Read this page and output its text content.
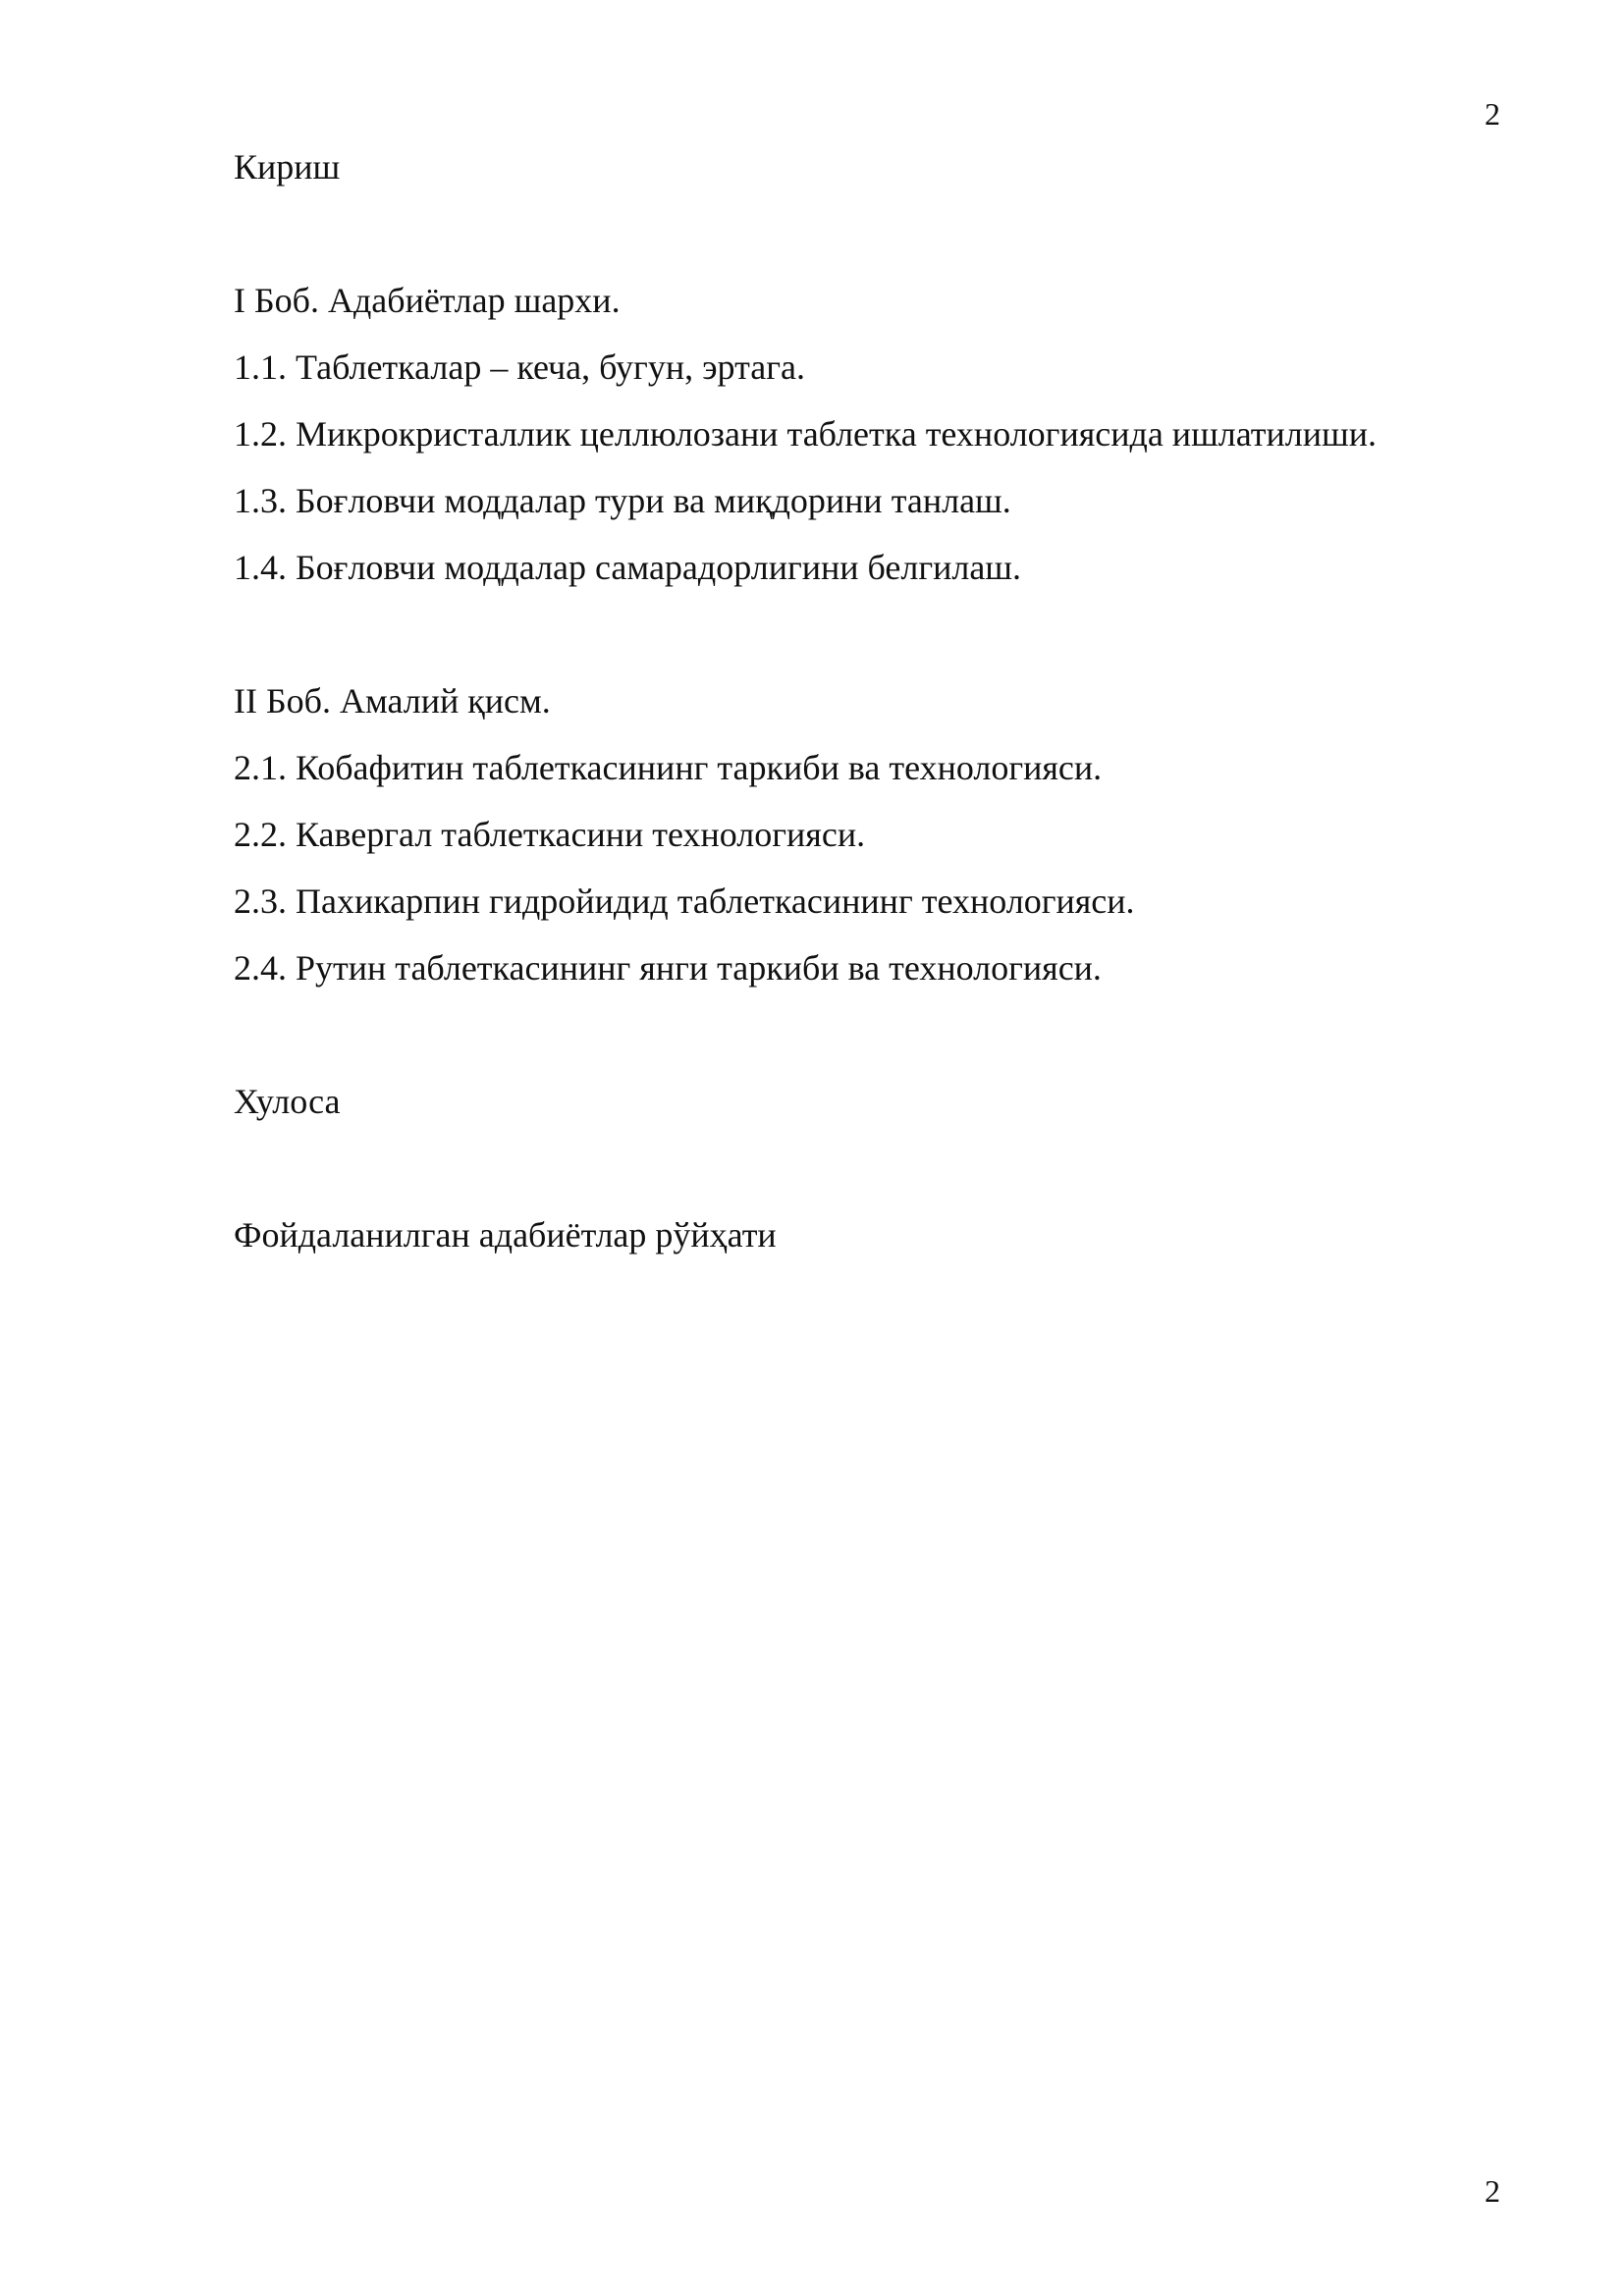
2

Кириш

I Боб. Адабиётлар шархи.

1.1. Таблеткалар – кеча, бугун, эртага.

1.2. Микрокристаллик целлюлозани таблетка технологиясида ишлатилиши.

1.3. Боғловчи моддалар тури ва миқдорини танлаш.

1.4. Боғловчи моддалар самарадорлигини белгилаш.

II Боб. Амалий қисм.

2.1. Кобафитин таблеткасининг таркиби ва технологияси.

2.2. Кавергал таблеткасини технологияси.

2.3. Пахикарпин гидройидид таблеткасининг технологияси.

2.4. Рутин таблеткасининг янги таркиби ва технологияси.

Хулоса

Фойдаланилган адабиётлар рўйҳати

2
